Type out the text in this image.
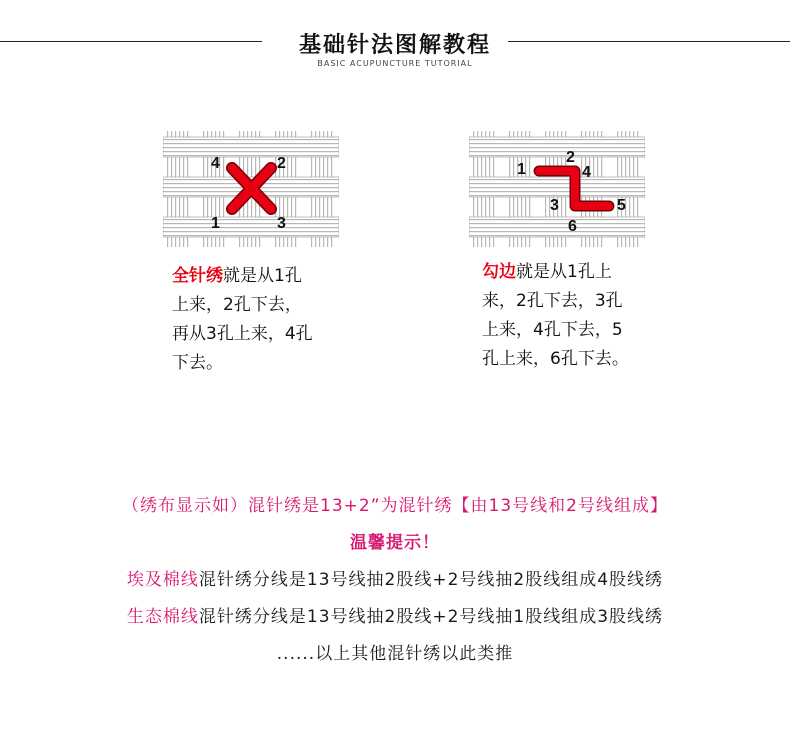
基础针法图解教程
BASIC ACUPUNCTURE TUTORIAL
4	2
1	3
1
2
4
3	5
6
全针绣就是从1孔
上来，2孔下去，
再从3孔上来，4孔
下去。
勾边就是从1孔上
来，2孔下去，3孔
上来，4孔下去，5
孔上来，6孔下去。
（绣布显示如）混针绣是13+2”为混针绣【由13号线和2号线组成】
温馨提示！
埃及棉线混针绣分线是13号线抽2股线+2号线抽2股线组成4股线绣
生态棉线混针绣分线是13号线抽2股线+2号线抽1股线组成3股线绣
......以上其他混针绣以此类推
